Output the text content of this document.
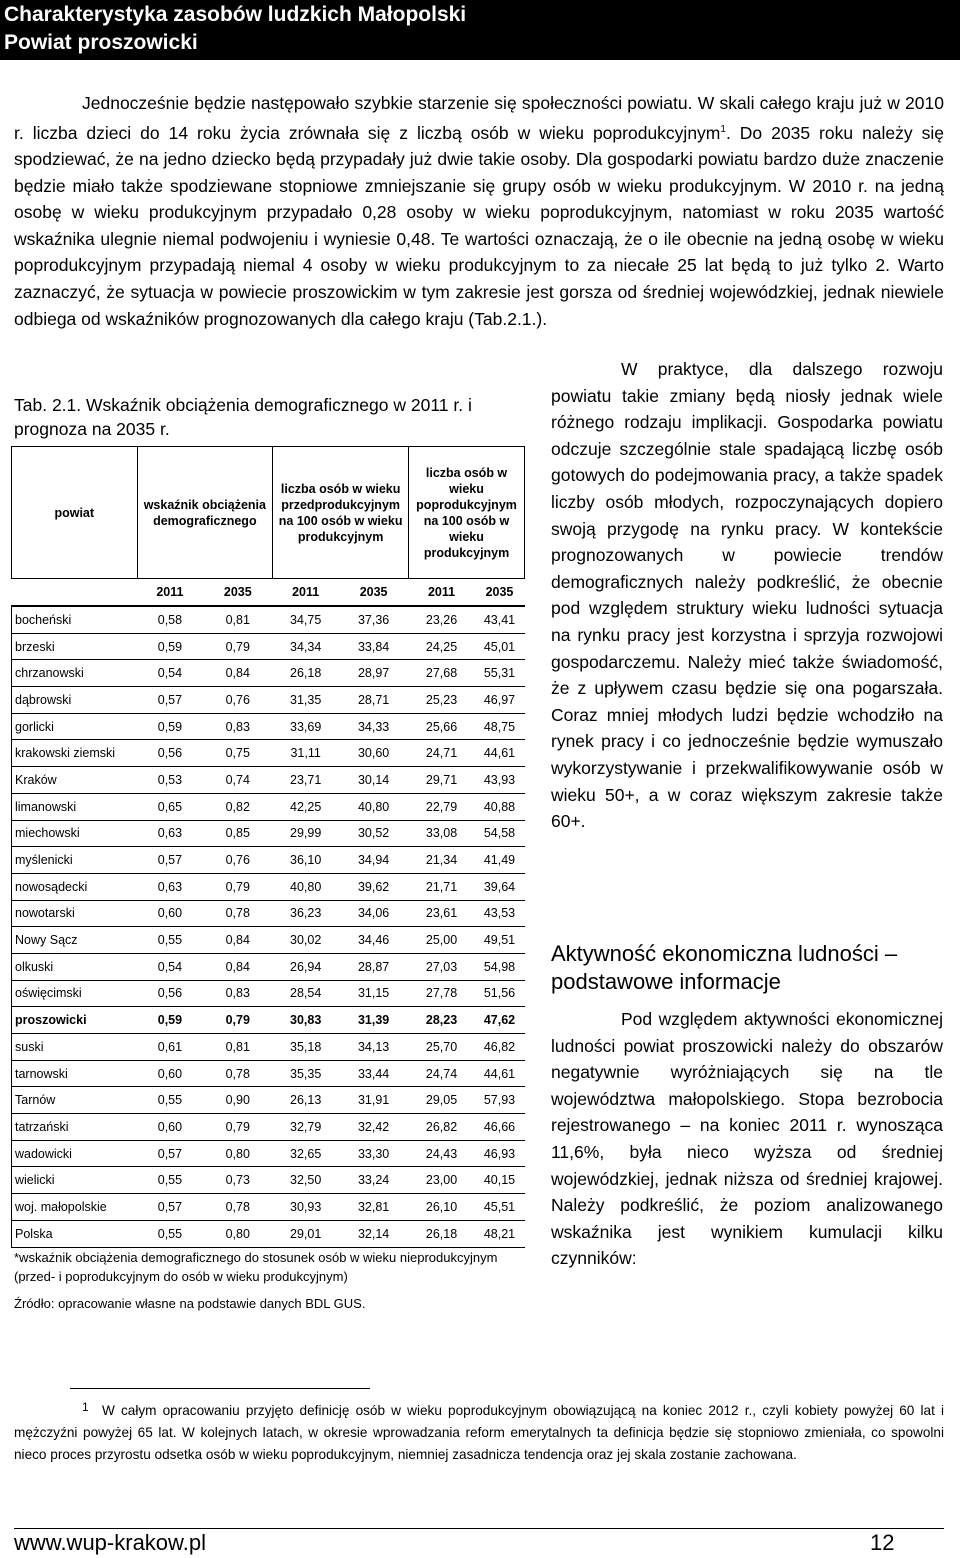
Charakterystyka zasobów ludzkich Małopolski
Powiat proszowicki

Jednocześnie będzie następowało szybkie starzenie się społeczności powiatu. W skali całego kraju już w 2010 r. liczba dzieci do 14 roku życia zrównała się z liczbą osób w wieku poprodukcyjnym$^1$. Do 2035 roku należy się spodziewać, że na jedno dziecko będą przypadały już dwie takie osoby. Dla gospodarki powiatu bardzo duże znaczenie będzie miało także spodziewane stopniowe zmniejszanie się grupy osób w wieku produkcyjnym. W 2010 r. na jedną osobę w wieku produkcyjnym przypadało 0,28 osoby w wieku poprodukcyjnym, natomiast w roku 2035 wartość wskaźnika ulegnie niemal podwojeniu i wyniesie 0,48. Te wartości oznaczają, że o ile obecnie na jedną osobę w wieku poprodukcyjnym przypadają niemal 4 osoby w wieku produkcyjnym to za niecałe 25 lat będą to już tylko 2. Warto zaznaczyć, że sytuacja w powiecie proszowickim w tym zakresie jest gorsza od średniej wojewódzkiej, jednak niewiele odbiega od wskaźników prognozowanych dla całego kraju (Tab.2.1.).

W praktyce, dla dalszego rozwoju powiatu takie zmiany będą niosły jednak wiele różnego rodzaju implikacji. Gospodarka powiatu odczuje szczególnie stale spadającą liczbę osób gotowych do podejmowania pracy, a także spadek liczby osób młodych, rozpoczynających dopiero swoją przygodę na rynku pracy. W kontekście prognozowanych w powiecie trendów demograficznych należy podkreślić, że obecnie pod względem struktury wieku ludności sytuacja na rynku pracy jest korzystna i sprzyja rozwojowi gospodarczemu. Należy mieć także świadomość, że z upływem czasu będzie się ona pogarszała. Coraz mniej młodych ludzi będzie wchodziło na rynek pracy i co jednocześnie będzie wymuszało wykorzystywanie i przekwalifikowywanie osób w wieku 50+, a w coraz większym zakresie także 60+.

Aktywność ekonomiczna ludności – podstawowe informacje

Pod względem aktywności ekonomicznej ludności powiat proszowicki należy do obszarów negatywnie wyróżniających się na tle województwa małopolskiego. Stopa bezrobocia rejestrowanego – na koniec 2011 r. wynosząca 11,6%, była nieco wyższa od średniej wojewódzkiej, jednak niższa od średniej krajowej. Należy podkreślić, że poziom analizowanego wskaźnika jest wynikiem kumulacji kilku czynników:

Tab. 2.1. Wskaźnik obciążenia demograficznego w 2011 r. i prognoza na 2035 r.
powiat	wskaźnik obciążenia demograficznego		liczba osób w wieku przedprodukcyjnym na 100 osób w wieku produkcyjnym		liczba osób w wieku poprodukcyjnym na 100 osób w wieku produkcyjnym	
	2011	2035	2011	2035	2011	2035
bocheński	0,58	0,81	34,75	37,36	23,26	43,41
brzeski	0,59	0,79	34,34	33,84	24,25	45,01
chrzanowski	0,54	0,84	26,18	28,97	27,68	55,31
dąbrowski	0,57	0,76	31,35	28,71	25,23	46,97
gorlicki	0,59	0,83	33,69	34,33	25,66	48,75
krakowski ziemski	0,56	0,75	31,11	30,60	24,71	44,61
Kraków	0,53	0,74	23,71	30,14	29,71	43,93
limanowski	0,65	0,82	42,25	40,80	22,79	40,88
miechowski	0,63	0,85	29,99	30,52	33,08	54,58
myślenicki	0,57	0,76	36,10	34,94	21,34	41,49
nowosądecki	0,63	0,79	40,80	39,62	21,71	39,64
nowotarski	0,60	0,78	36,23	34,06	23,61	43,53
Nowy Sącz	0,55	0,84	30,02	34,46	25,00	49,51
olkuski	0,54	0,84	26,94	28,87	27,03	54,98
oświęcimski	0,56	0,83	28,54	31,15	27,78	51,56
proszowicki	0,59	0,79	30,83	31,39	28,23	47,62
suski	0,61	0,81	35,18	34,13	25,70	46,82
tarnowski	0,60	0,78	35,35	33,44	24,74	44,61
Tarnów	0,55	0,90	26,13	31,91	29,05	57,93
tatrzański	0,60	0,79	32,79	32,42	26,82	46,66
wadowicki	0,57	0,80	32,65	33,30	24,43	46,93
wielicki	0,55	0,73	32,50	33,24	23,00	40,15
woj. małopolskie	0,57	0,78	30,93	32,81	26,10	45,51
Polska	0,55	0,80	29,01	32,14	26,18	48,21
*wskaźnik obciążenia demograficznego do stosunek osób w wieku nieprodukcyjnym (przed- i poprodukcyjnym do osób w wieku produkcyjnym)
Źródło: opracowanie własne na podstawie danych BDL GUS.
1 W całym opracowaniu przyjęto definicję osób w wieku poprodukcyjnym obowiązującą na koniec 2012 r., czyli kobiety powyżej 60 lat i mężczyźni powyżej 65 lat. W kolejnych latach, w okresie wprowadzania reform emerytalnych ta definicja będzie się stopniowo zmieniała, co spowolni nieco proces przyrostu odsetka osób w wieku poprodukcyjnym, niemniej zasadnicza tendencja oraz jej skala zostanie zachowana.

www.wup-krakow.pl	12
